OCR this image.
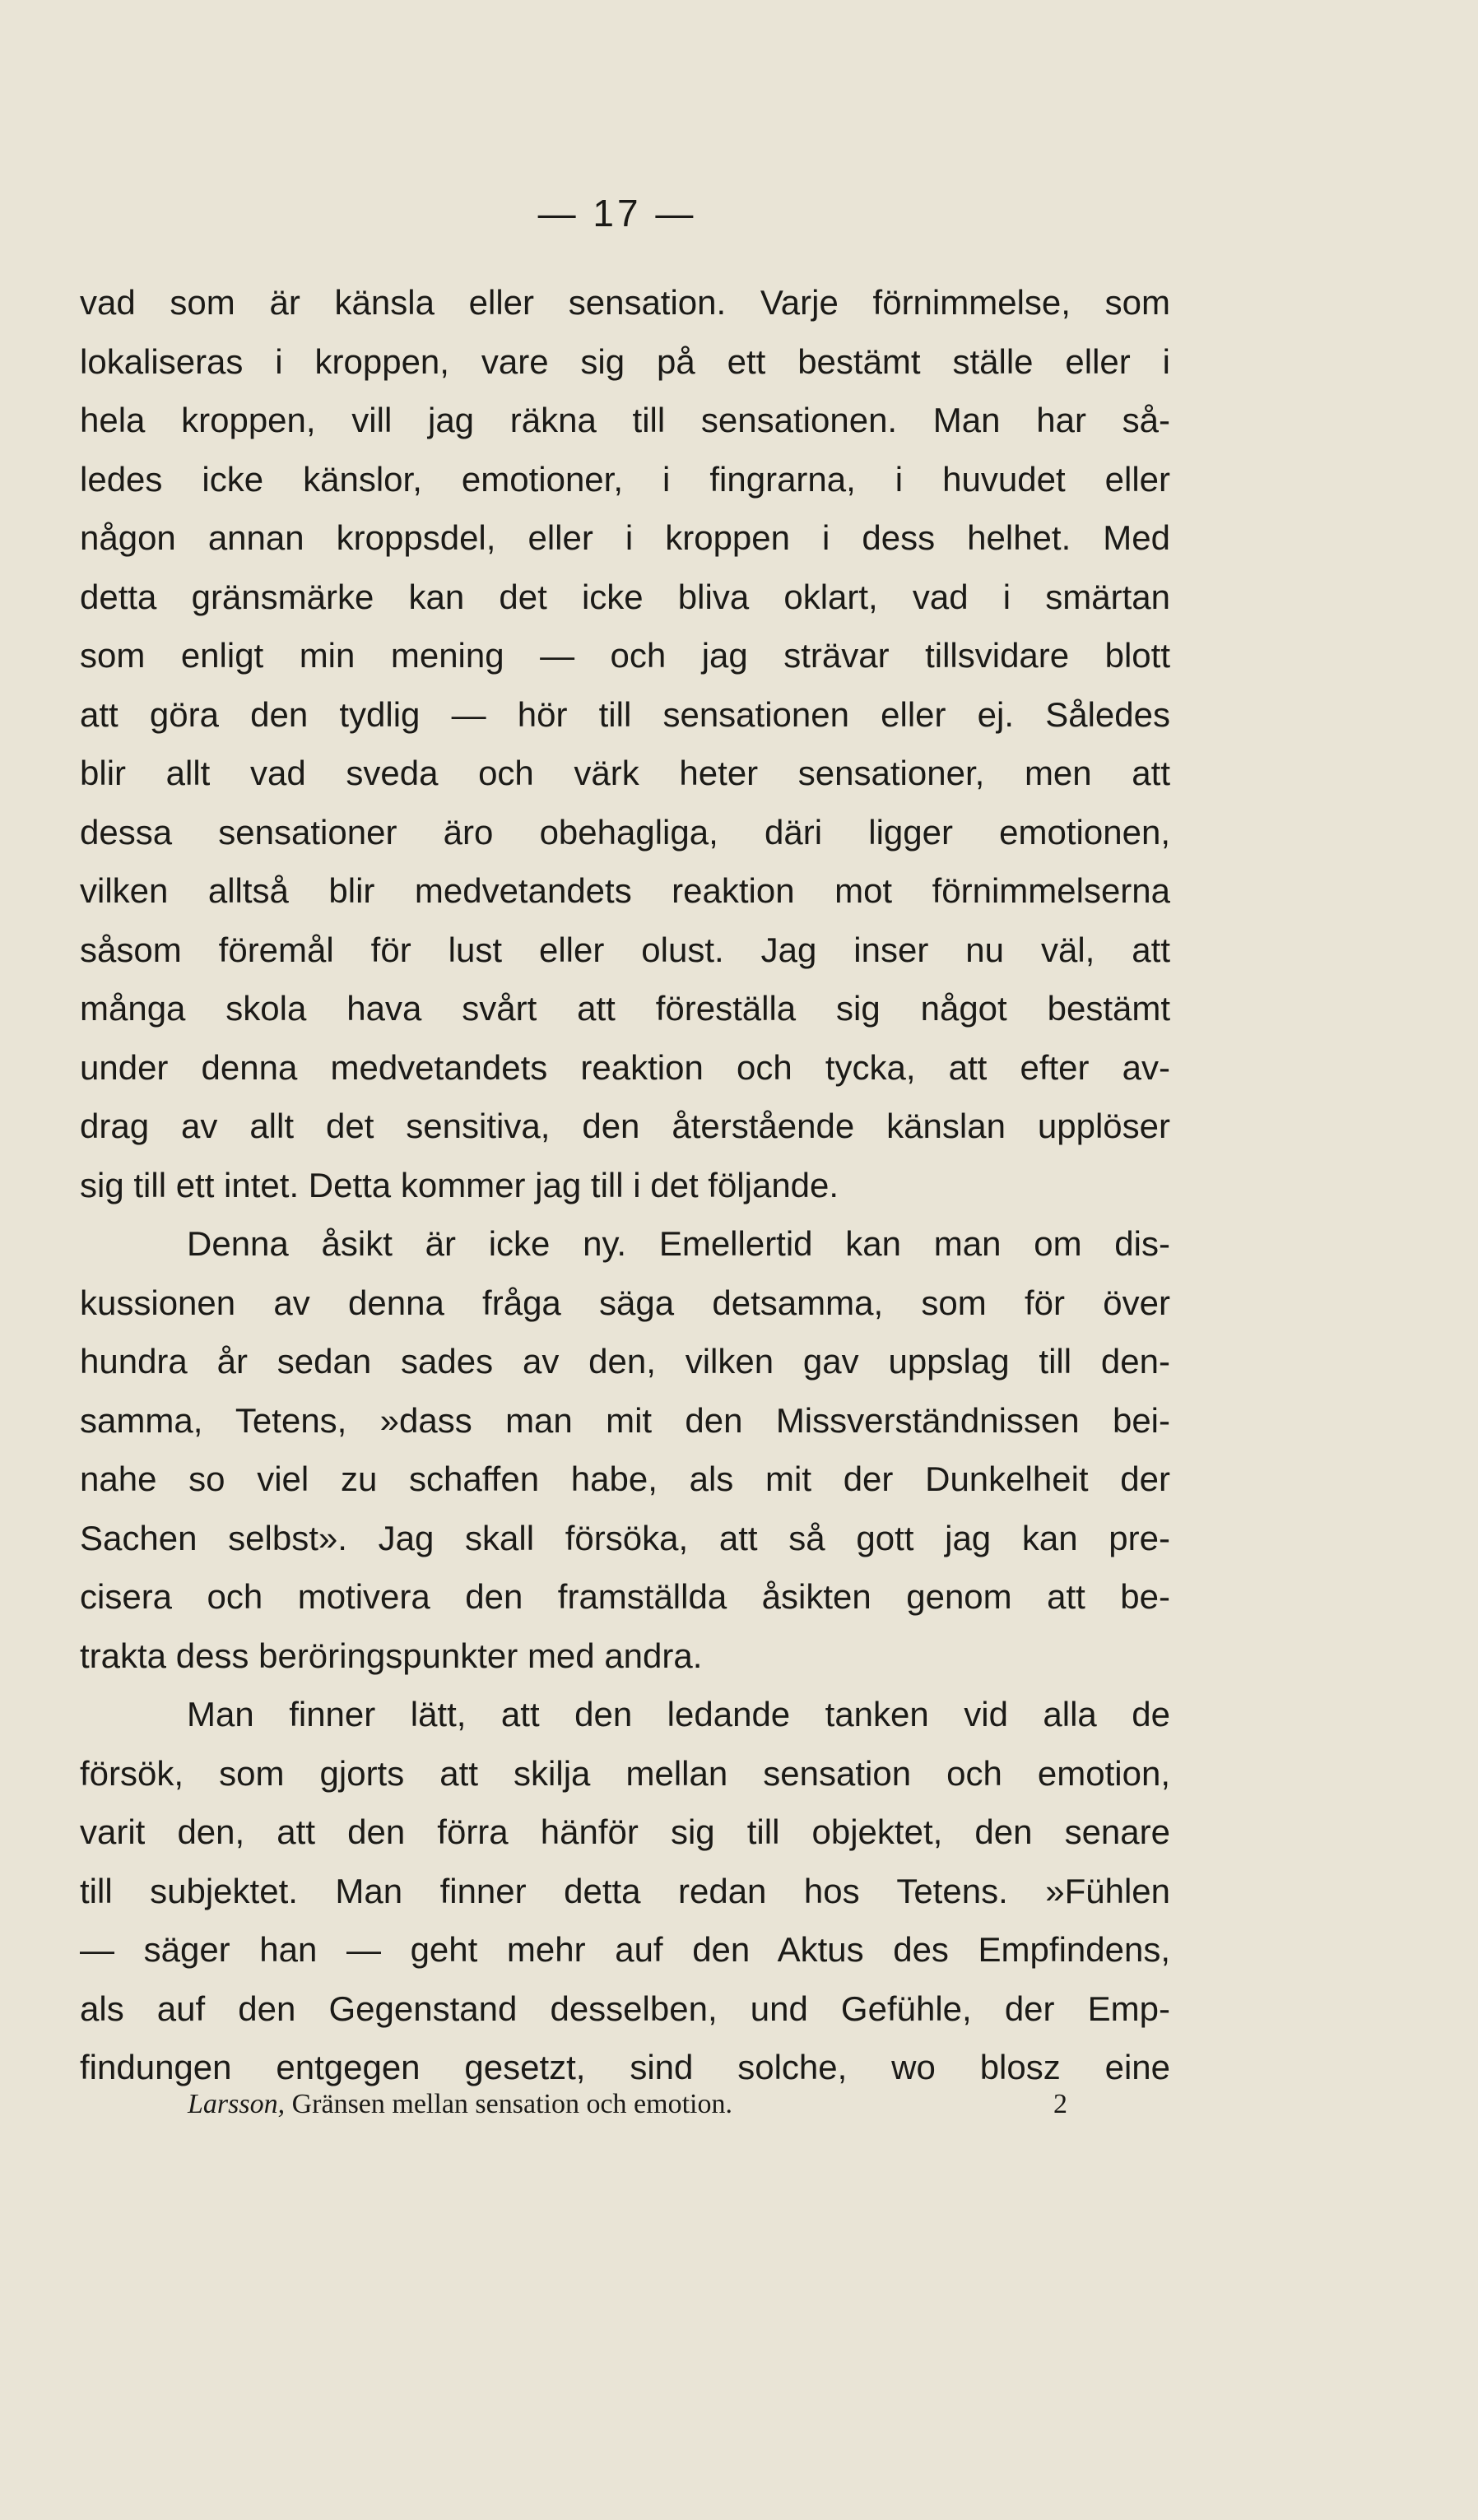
— 17 —
vad som är känsla eller sensation. Varje förnimmelse, som
lokaliseras i kroppen, vare sig på ett bestämt ställe eller i
hela kroppen, vill jag räkna till sensationen. Man har så-
ledes icke känslor, emotioner, i fingrarna, i huvudet eller
någon annan kroppsdel, eller i kroppen i dess helhet. Med
detta gränsmärke kan det icke bliva oklart, vad i smärtan
som enligt min mening — och jag strävar tillsvidare blott
att göra den tydlig — hör till sensationen eller ej. Således
blir allt vad sveda och värk heter sensationer, men att
dessa sensationer äro obehagliga, däri ligger emotionen,
vilken alltså blir medvetandets reaktion mot förnimmelserna
såsom föremål för lust eller olust. Jag inser nu väl, att
många skola hava svårt att föreställa sig något bestämt
under denna medvetandets reaktion och tycka, att efter av-
drag av allt det sensitiva, den återstående känslan upplöser
sig till ett intet. Detta kommer jag till i det följande.
Denna åsikt är icke ny. Emellertid kan man om dis-
kussionen av denna fråga säga detsamma, som för över
hundra år sedan sades av den, vilken gav uppslag till den-
samma, Tetens, »dass man mit den Missverständnissen bei-
nahe so viel zu schaffen habe, als mit der Dunkelheit der
Sachen selbst». Jag skall försöka, att så gott jag kan pre-
cisera och motivera den framställda åsikten genom att be-
trakta dess beröringspunkter med andra.
Man finner lätt, att den ledande tanken vid alla de
försök, som gjorts att skilja mellan sensation och emotion,
varit den, att den förra hänför sig till objektet, den senare
till subjektet. Man finner detta redan hos Tetens. »Fühlen
— säger han — geht mehr auf den Aktus des Empfindens,
als auf den Gegenstand desselben, und Gefühle, der Emp-
findungen entgegen gesetzt, sind solche, wo blosz eine
Larsson, Gränsen mellan sensation och emotion.	2
